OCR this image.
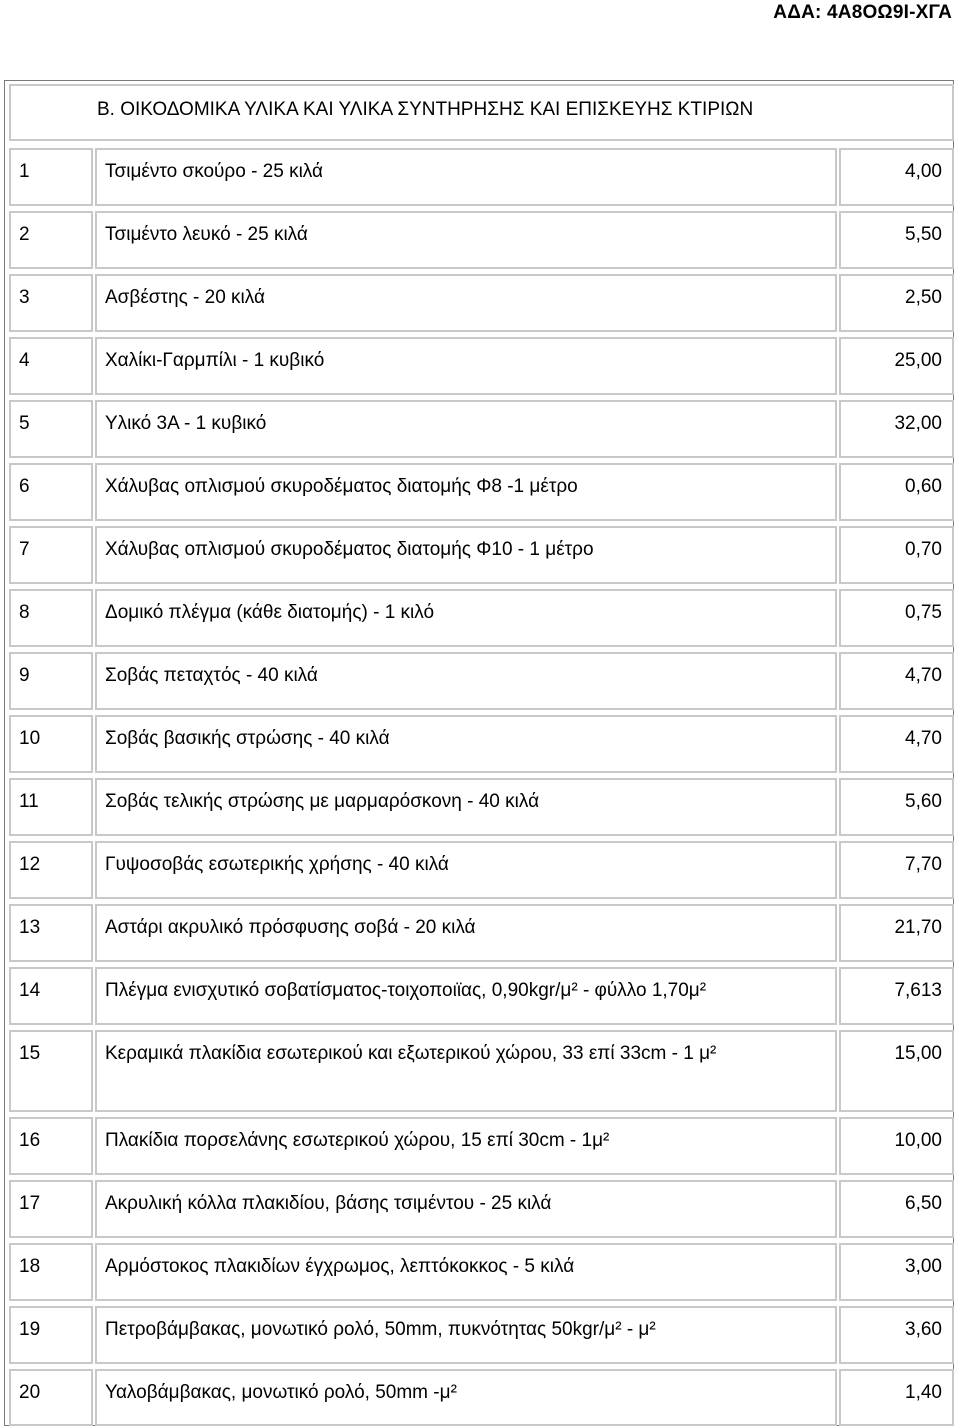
ΑΔΑ: 4Α8ΟΩ9Ι-ΧΓΑ
Β. ΟΙΚΟΔΟΜΙΚΑ ΥΛΙΚΑ ΚΑΙ ΥΛΙΚΑ ΣΥΝΤΗΡΗΣΗΣ ΚΑΙ ΕΠΙΣΚΕΥΗΣ ΚΤΙΡΙΩΝ
1	Τσιμέντο σκούρο - 25 κιλά	4,00
2	Τσιμέντο λευκό - 25 κιλά	5,50
3	Ασβέστης - 20 κιλά	2,50
4	Χαλίκι-Γαρμπίλι - 1 κυβικό	25,00
5	Υλικό 3Α - 1 κυβικό	32,00
6	Χάλυβας οπλισμού σκυροδέματος διατομής Φ8 -1 μέτρο	0,60
7	Χάλυβας οπλισμού σκυροδέματος διατομής Φ10 - 1 μέτρο	0,70
8	Δομικό πλέγμα (κάθε διατομής) - 1 κιλό	0,75
9	Σοβάς πεταχτός - 40 κιλά	4,70
10	Σοβάς βασικής στρώσης - 40 κιλά	4,70
11	Σοβάς τελικής στρώσης με μαρμαρόσκονη - 40 κιλά	5,60
12	Γυψοσοβάς εσωτερικής χρήσης - 40 κιλά	7,70
13	Αστάρι ακρυλικό πρόσφυσης σοβά - 20 κιλά	21,70
14	Πλέγμα ενισχυτικό σοβατίσματος-τοιχοποιϊας, 0,90kgr/μ² - φύλλο 1,70μ²	7,613
15	Κεραμικά πλακίδια εσωτερικού και εξωτερικού χώρου, 33 επί 33cm - 1 μ²	15,00
16	Πλακίδια πορσελάνης εσωτερικού χώρου, 15 επί 30cm - 1μ²	10,00
17	Ακρυλική κόλλα πλακιδίου, βάσης τσιμέντου - 25 κιλά	6,50
18	Αρμόστοκος πλακιδίων έγχρωμος, λεπτόκοκκος - 5 κιλά	3,00
19	Πετροβάμβακας, μονωτικό ρολό, 50mm, πυκνότητας 50kgr/μ² - μ²	3,60
20	Υαλοβάμβακας, μονωτικό ρολό, 50mm -μ²	1,40
